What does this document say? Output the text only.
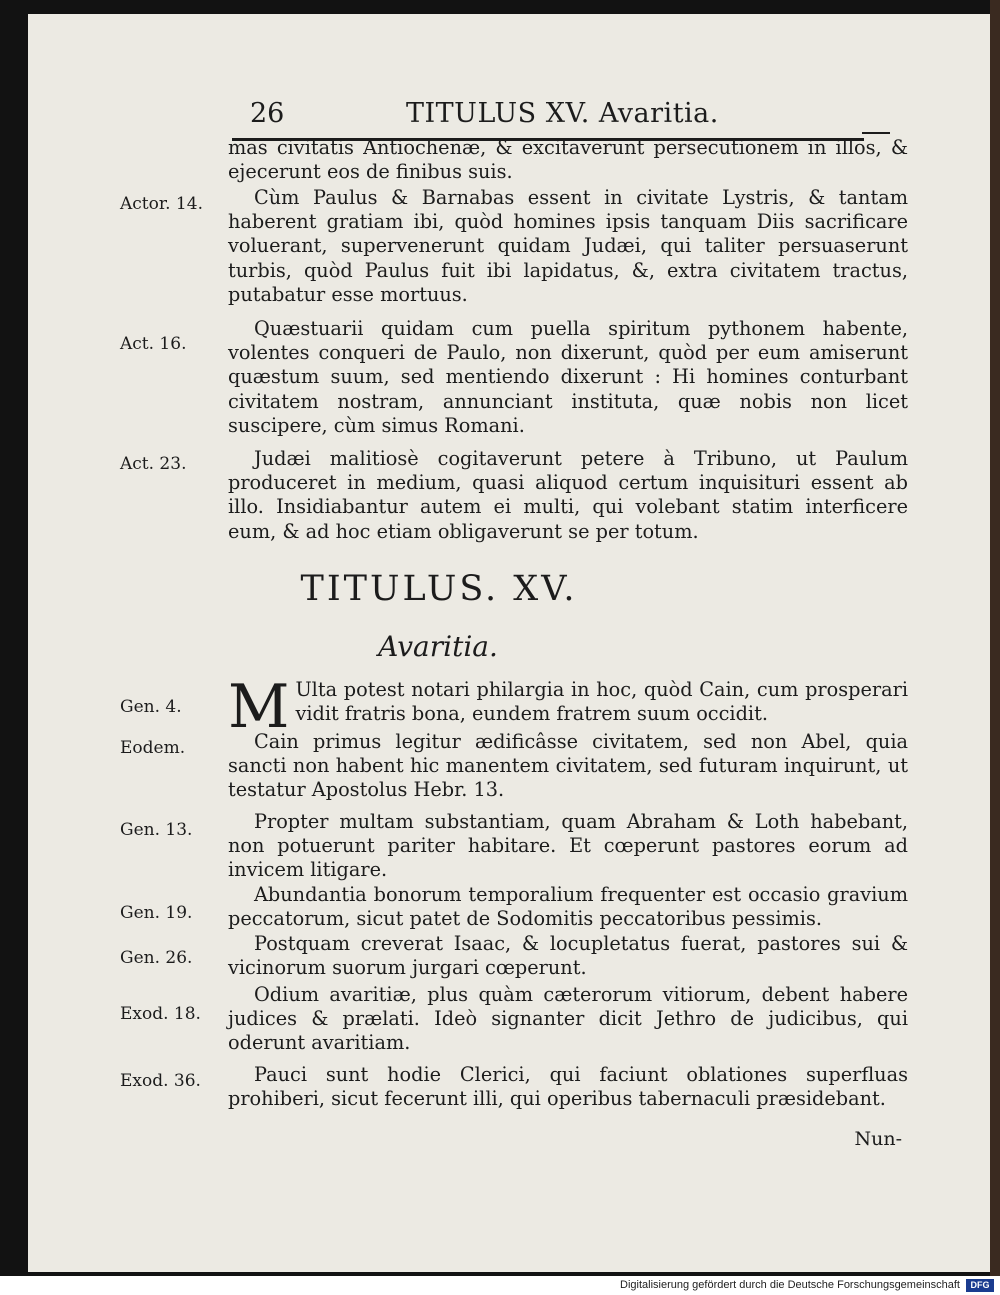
26	TITULUS XV. Avaritia.
mas civitatis Antiochenæ, & excitaverunt persecutionem in illos, & ejecerunt eos de finibus suis.
Actor. 14.	Cùm Paulus & Barnabas essent in civitate Lystris, & tantam haberent gratiam ibi, quòd homines ipsis tanquam Diis sacrificare voluerant, supervenerunt quidam Judæi, qui taliter persuaserunt turbis, quòd Paulus fuit ibi lapidatus, &, extra civitatem tractus, putabatur esse mortuus.
Act. 16.
Quæstuarii quidam cum puella spiritum pythonem habente, volentes conqueri de Paulo, non dixerunt, quòd per eum amiserunt quæstum suum, sed mentiendo dixerunt : Hi homines conturbant civitatem nostram, annunciant instituta, quæ nobis non licet suscipere, cùm simus Romani.
Act. 23.	Judæi malitiosè cogitaverunt petere à Tribuno, ut Paulum produceret in medium, quasi aliquod certum inquisituri essent ab illo. Insidiabantur autem ei multi, qui volebant statim interficere eum, & ad hoc etiam obligaverunt se per totum.
TITULUS. XV.
Avaritia.
Gen. 4. M Ulta potest notari philargia in hoc, quòd Cain, cum prosperari vidit fratris bona, eundem fratrem suum occidit.
Eodem.	Cain primus legitur ædificâsse civitatem, sed non Abel, quia sancti non habent hic manentem civitatem, sed futuram inquirunt, ut testatur Apostolus Hebr. 13.
Gen. 13.	Propter multam substantiam, quam Abraham & Loth habebant, non potuerunt pariter habitare. Et cœperunt pastores eorum ad invicem litigare.
Gen. 19.
Abundantia bonorum temporalium frequenter est occasio gravium peccatorum, sicut patet de Sodomitis peccatoribus pessimis.
Gen. 26.
Postquam creverat Isaac, & locupletatus fuerat, pastores sui & vicinorum suorum jurgari cœperunt.
Exod. 18.
Odium avaritiæ, plus quàm cæterorum vitiorum, debent habere judices & prælati. Ideò signanter dicit Jethro de judicibus, qui oderunt avaritiam.
Exod. 36.	Pauci sunt hodie Clerici, qui faciunt oblationes superfluas prohiberi, sicut fecerunt illi, qui operibus tabernaculi præsidebant.
Nun-
Digitalisierung gefördert durch die Deutsche Forschungsgemeinschaft	DFG
